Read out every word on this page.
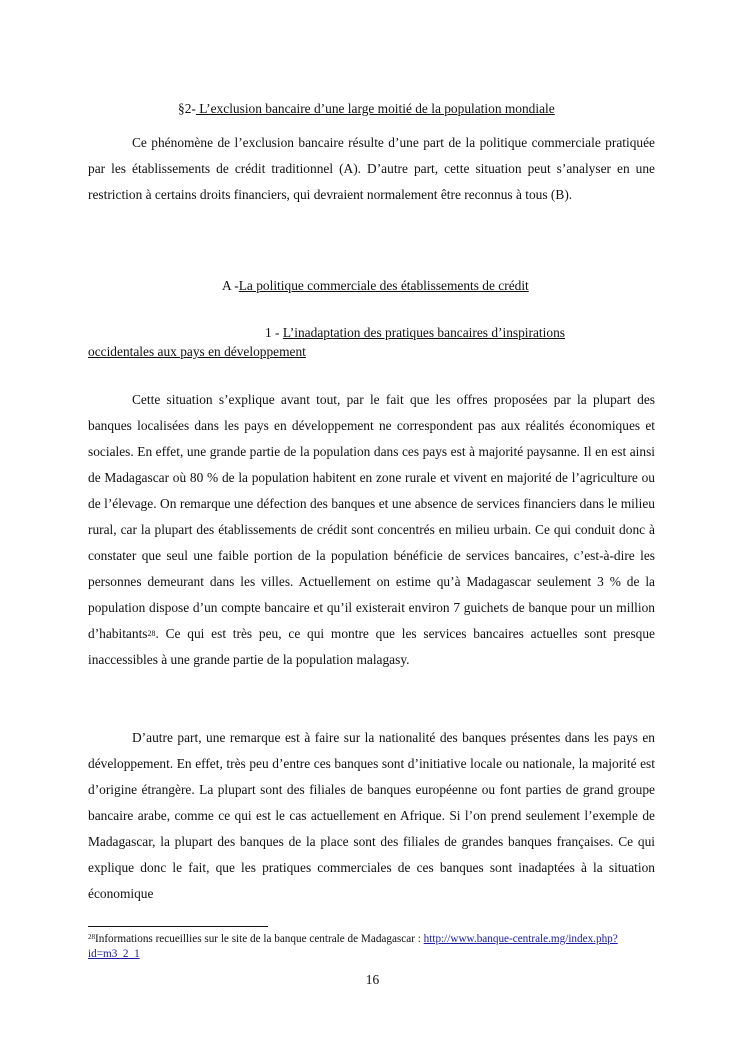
§2- L’exclusion bancaire d’une large moitié de la population mondiale

Ce phénomène de l’exclusion bancaire résulte d’une part de la politique commerciale pratiquée par les établissements de crédit traditionnel (A). D’autre part, cette situation peut s’analyser en une restriction à certains droits financiers, qui devraient normalement être reconnus à tous (B).

A -La politique commerciale des établissements de crédit
1 - L’inadaptation des pratiques bancaires d’inspirations
occidentales aux pays en développement

Cette situation s’explique avant tout, par le fait que les offres proposées par la plupart des banques localisées dans les pays en développement ne correspondent pas aux réalités économiques et sociales. En effet, une grande partie de la population dans ces pays est à majorité paysanne. Il en est ainsi de Madagascar où 80 % de la population habitent en zone rurale et vivent en majorité de l’agriculture ou de l’élevage. On remarque une défection des banques et une absence de services financiers dans le milieu rural, car la plupart des établissements de crédit sont concentrés en milieu urbain. Ce qui conduit donc à constater que seul une faible portion de la population bénéficie de services bancaires, c’est-à-dire les personnes demeurant dans les villes. Actuellement on estime qu’à Madagascar seulement 3 % de la population dispose d’un compte bancaire et qu’il existerait environ 7 guichets de banque pour un million d’habitants$^{28}$. Ce qui est très peu, ce qui montre que les services bancaires actuelles sont presque inaccessibles à une grande partie de la population malagasy.

D’autre part, une remarque est à faire sur la nationalité des banques présentes dans les pays en développement. En effet, très peu d’entre ces banques sont d’initiative locale ou nationale, la majorité est d’origine étrangère. La plupart sont des filiales de banques européenne ou font parties de grand groupe bancaire arabe, comme ce qui est le cas actuellement en Afrique. Si l’on prend seulement l’exemple de Madagascar, la plupart des banques de la place sont des filiales de grandes banques françaises. Ce qui explique donc le fait, que les pratiques commerciales de ces banques sont inadaptées à la situation économique

$^{28}$Informations recueillies sur le site de la banque centrale de Madagascar : http://www.banque-centrale.mg/index.php?id=m3_2_1
16
